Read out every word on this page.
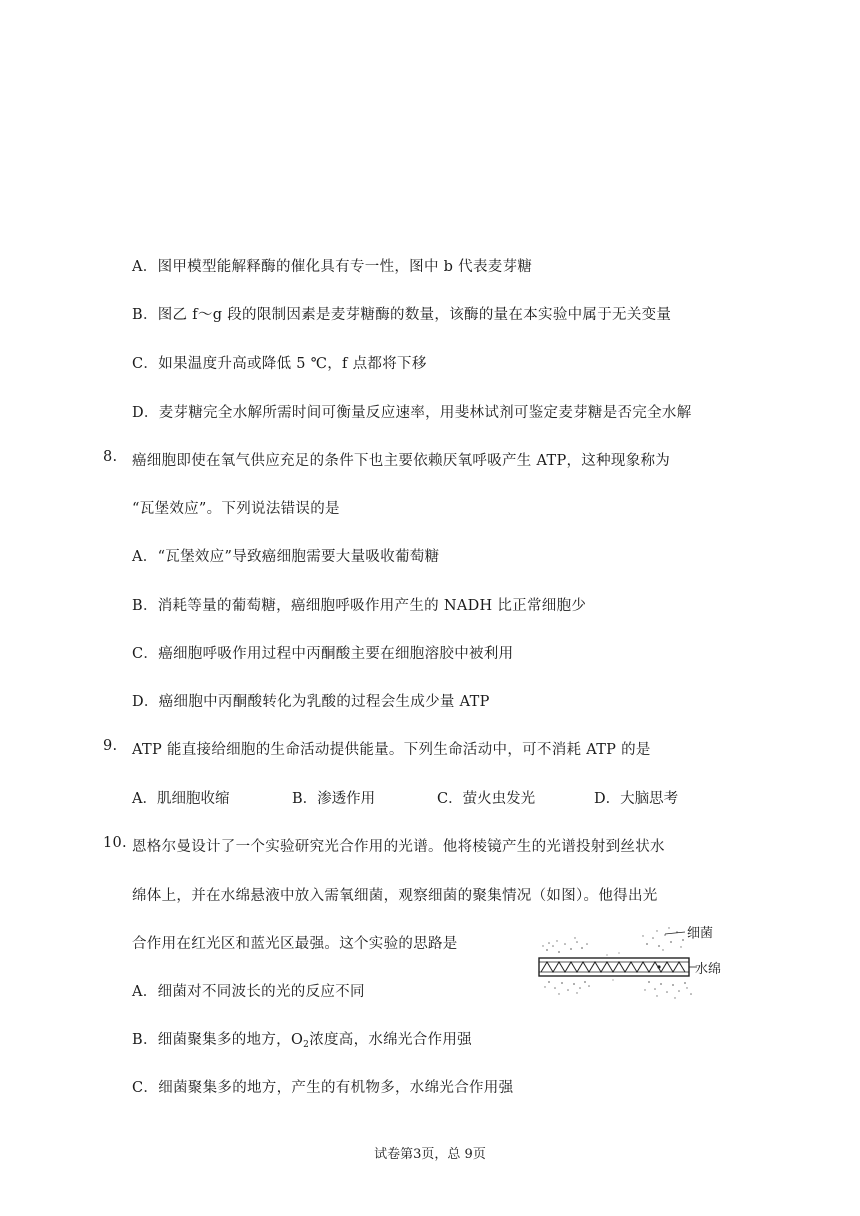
A．图甲模型能解释酶的催化具有专一性，图中 b 代表麦芽糖
B．图乙 f～g 段的限制因素是麦芽糖酶的数量，该酶的量在本实验中属于无关变量
C．如果温度升高或降低 5 ℃，f 点都将下移
D．麦芽糖完全水解所需时间可衡量反应速率，用斐林试剂可鉴定麦芽糖是否完全水解
8. 癌细胞即使在氧气供应充足的条件下也主要依赖厌氧呼吸产生 ATP，这种现象称为
“瓦堡效应”。下列说法错误的是
A．“瓦堡效应”导致癌细胞需要大量吸收葡萄糖
B．消耗等量的葡萄糖，癌细胞呼吸作用产生的 NADH 比正常细胞少
C．癌细胞呼吸作用过程中丙酮酸主要在细胞溶胶中被利用
D．癌细胞中丙酮酸转化为乳酸的过程会生成少量 ATP
9. ATP 能直接给细胞的生命活动提供能量。下列生命活动中，可不消耗 ATP 的是
A．肌细胞收缩	B．渗透作用	C．萤火虫发光	D．大脑思考
10. 恩格尔曼设计了一个实验研究光合作用的光谱。他将棱镜产生的光谱投射到丝状水
绵体上，并在水绵悬液中放入需氧细菌，观察细菌的聚集情况（如图）。他得出光
合作用在红光区和蓝光区最强。这个实验的思路是
A．细菌对不同波长的光的反应不同
B．细菌聚集多的地方，$O_2$浓度高，水绵光合作用强
C．细菌聚集多的地方，产生的有机物多，水绵光合作用强
细菌
水绵
试卷第3页，总 9页
